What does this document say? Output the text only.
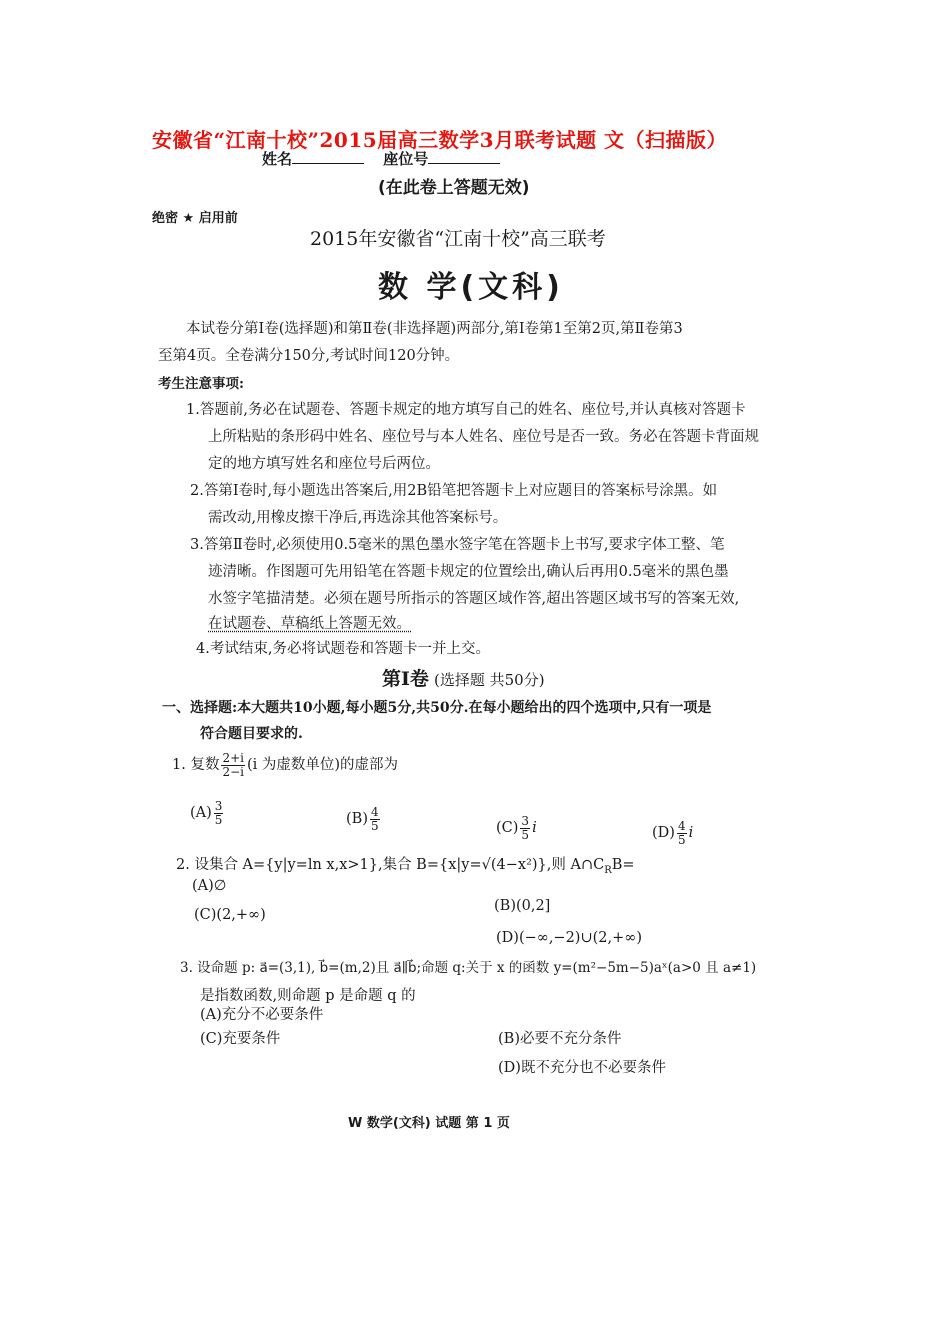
安徽省“江南十校”2015届高三数学3月联考试题 文（扫描版）
姓名	座位号
(在此卷上答题无效)
绝密 ★ 启用前
2015年安徽省“江南十校”高三联考
数 学(文科)
本试卷分第Ⅰ卷(选择题)和第Ⅱ卷(非选择题)两部分,第Ⅰ卷第1至第2页,第Ⅱ卷第3
至第4页。全卷满分150分,考试时间120分钟。
考生注意事项:
1.答题前,务必在试题卷、答题卡规定的地方填写自己的姓名、座位号,并认真核对答题卡
上所粘贴的条形码中姓名、座位号与本人姓名、座位号是否一致。务必在答题卡背面规
定的地方填写姓名和座位号后两位。
2.答第Ⅰ卷时,每小题选出答案后,用2B铅笔把答题卡上对应题目的答案标号涂黑。如
需改动,用橡皮擦干净后,再选涂其他答案标号。
3.答第Ⅱ卷时,必须使用0.5毫米的黑色墨水签字笔在答题卡上书写,要求字体工整、笔
迹清晰。作图题可先用铅笔在答题卡规定的位置绘出,确认后再用0.5毫米的黑色墨
水签字笔描清楚。必须在题号所指示的答题区域作答,超出答题区域书写的答案无效,
在试题卷、草稿纸上答题无效。
4.考试结束,务必将试题卷和答题卡一并上交。
第Ⅰ卷 (选择题 共50分)
一、选择题:本大题共10小题,每小题5分,共50分.在每小题给出的四个选项中,只有一项是
符合题目要求的.
1. 复数 $\frac{2+i}{2-i} (i$ 为虚数单位)的虚部为
$(A) \frac{3}{5}$	$(B) \frac{4}{5}$	$(C) \frac{3}{5}$ i	$(D) \frac{4}{5}$ i
2. 设集合 A={y|y=ln x,x>1},集合 B={x|y=√(4−x²)},则 $A\cap C_RB=$
(A)∅
(B)(0,2]
(C)(2,+∞)
(D)(−∞,−2)∪(2,+∞)
3. 设命题 p: a⃗=(3,1), b⃗=(m,2)且 a⃗∥b⃗;命题 q:关于 x 的函数 y=(m²−5m−5)aˣ(a>0 且 a≠1)
是指数函数,则命题 p 是命题 q 的
(A)充分不必要条件
(B)必要不充分条件
(C)充要条件
(D)既不充分也不必要条件
W 数学(文科) 试题 第 1 页
